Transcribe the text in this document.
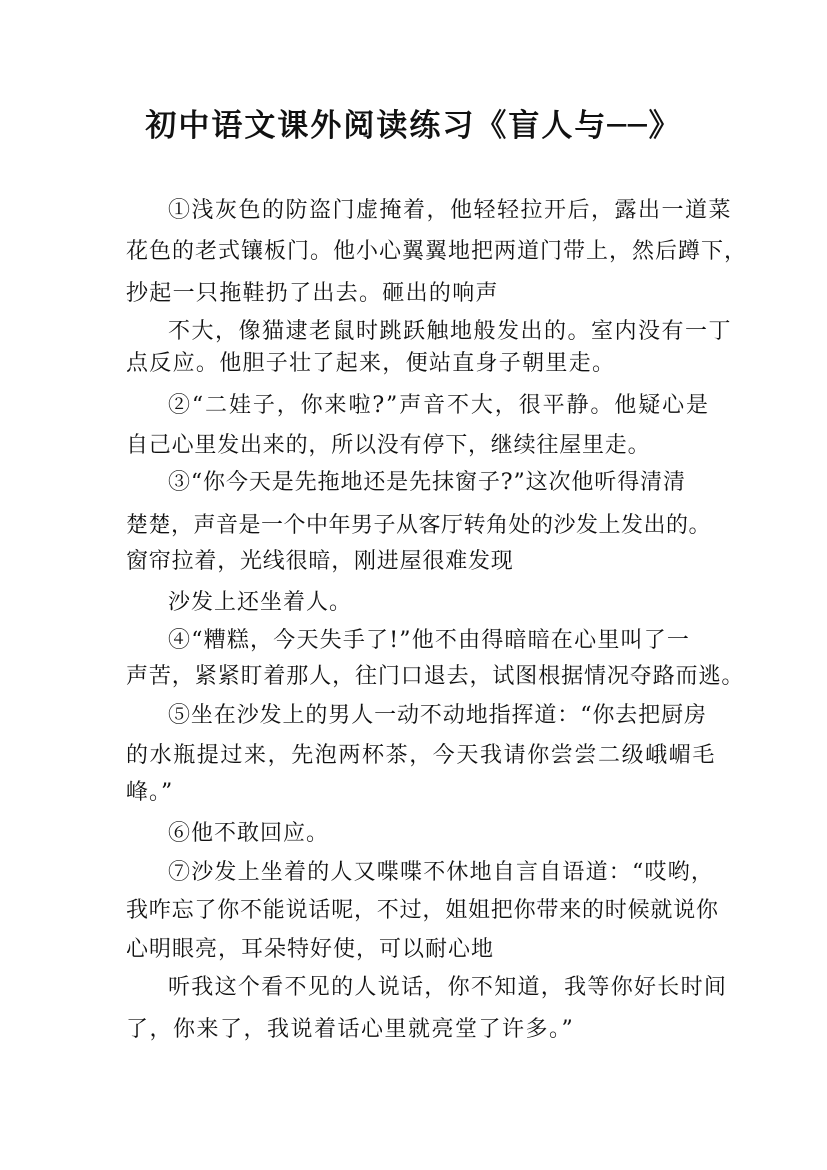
初中语文课外阅读练习《盲人与──》
①浅灰色的防盗门虚掩着，他轻轻拉开后，露出一道菜
花色的老式镶板门。他小心翼翼地把两道门带上，然后蹲下，
抄起一只拖鞋扔了出去。砸出的响声
不大，像猫逮老鼠时跳跃触地般发出的。室内没有一丁
点反应。他胆子壮了起来，便站直身子朝里走。
②“二娃子，你来啦?”声音不大，很平静。他疑心是
自己心里发出来的，所以没有停下，继续往屋里走。
③“你今天是先拖地还是先抹窗子?”这次他听得清清
楚楚，声音是一个中年男子从客厅转角处的沙发上发出的。
窗帘拉着，光线很暗，刚进屋很难发现
沙发上还坐着人。
④“糟糕，今天失手了!”他不由得暗暗在心里叫了一
声苦，紧紧盯着那人，往门口退去，试图根据情况夺路而逃。
⑤坐在沙发上的男人一动不动地指挥道：“你去把厨房
的水瓶提过来，先泡两杯茶，今天我请你尝尝二级峨嵋毛
峰。”
⑥他不敢回应。
⑦沙发上坐着的人又喋喋不休地自言自语道：“哎哟，
我咋忘了你不能说话呢，不过，姐姐把你带来的时候就说你
心明眼亮，耳朵特好使，可以耐心地
听我这个看不见的人说话，你不知道，我等你好长时间
了，你来了，我说着话心里就亮堂了许多。”
